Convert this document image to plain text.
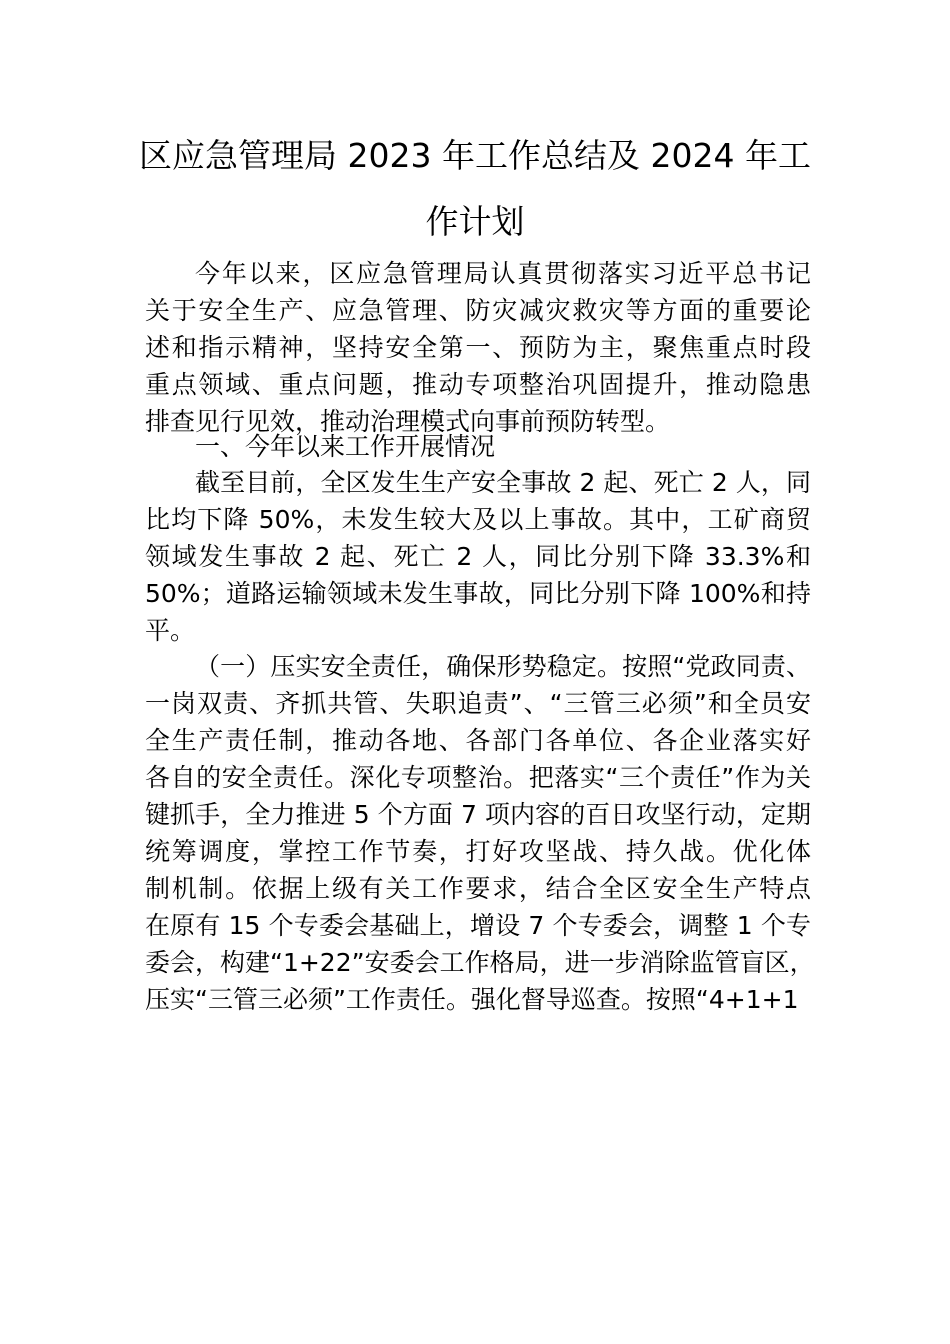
区应急管理局 2023 年工作总结及 2024 年工
作计划
今年以来，区应急管理局认真贯彻落实习近平总书记
关于安全生产、应急管理、防灾减灾救灾等方面的重要论
述和指示精神，坚持安全第一、预防为主，聚焦重点时段
重点领域、重点问题，推动专项整治巩固提升，推动隐患
排查见行见效，推动治理模式向事前预防转型。
一、今年以来工作开展情况
截至目前，全区发生生产安全事故 2 起、死亡 2 人，同
比均下降 50%，未发生较大及以上事故。其中，工矿商贸
领域发生事故 2 起、死亡 2 人，同比分别下降 33.3%和
50%；道路运输领域未发生事故，同比分别下降 100%和持
平。
（一）压实安全责任，确保形势稳定。按照“党政同责、
一岗双责、齐抓共管、失职追责”、“三管三必须”和全员安
全生产责任制，推动各地、各部门各单位、各企业落实好
各自的安全责任。深化专项整治。把落实“三个责任”作为关
键抓手，全力推进 5 个方面 7 项内容的百日攻坚行动，定期
统筹调度，掌控工作节奏，打好攻坚战、持久战。优化体
制机制。依据上级有关工作要求，结合全区安全生产特点
在原有 15 个专委会基础上，增设 7 个专委会，调整 1 个专
委会，构建“1+22”安委会工作格局，进一步消除监管盲区，
压实“三管三必须”工作责任。强化督导巡查。按照“4+1+1
